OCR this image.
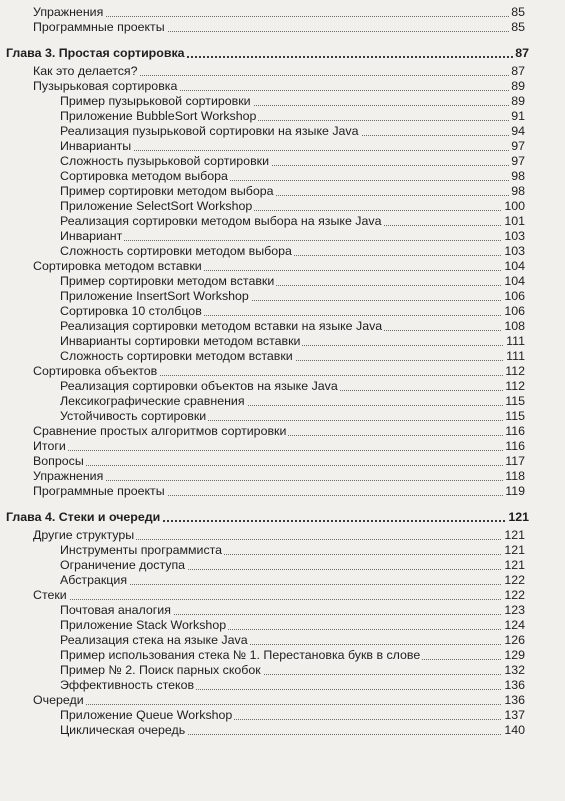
Упражнения	85
Программные проекты	85
Глава 3. Простая сортировка	87
Как это делается?	87
Пузырьковая сортировка	89
Пример пузырьковой сортировки	89
Приложение BubbleSort Workshop	91
Реализация пузырьковой сортировки на языке Java	94
Инварианты	97
Сложность пузырьковой сортировки	97
Сортировка методом выбора	98
Пример сортировки методом выбора	98
Приложение SelectSort Workshop	100
Реализация сортировки методом выбора на языке Java	101
Инвариант	103
Сложность сортировки методом выбора	103
Сортировка методом вставки	104
Пример сортировки методом вставки	104
Приложение InsertSort Workshop	106
Сортировка 10 столбцов	106
Реализация сортировки методом вставки на языке Java	108
Инварианты сортировки методом вставки	111
Сложность сортировки методом вставки	111
Сортировка объектов	112
Реализация сортировки объектов на языке Java	112
Лексикографические сравнения	115
Устойчивость сортировки	115
Сравнение простых алгоритмов сортировки	116
Итоги	116
Вопросы	117
Упражнения	118
Программные проекты	119
Глава 4. Стеки и очереди	121
Другие структуры	121
Инструменты программиста	121
Ограничение доступа	121
Абстракция	122
Стеки	122
Почтовая аналогия	123
Приложение Stack Workshop	124
Реализация стека на языке Java	126
Пример использования стека № 1. Перестановка букв в слове	129
Пример № 2. Поиск парных скобок	132
Эффективность стеков	136
Очереди	136
Приложение Queue Workshop	137
Циклическая очередь	140
